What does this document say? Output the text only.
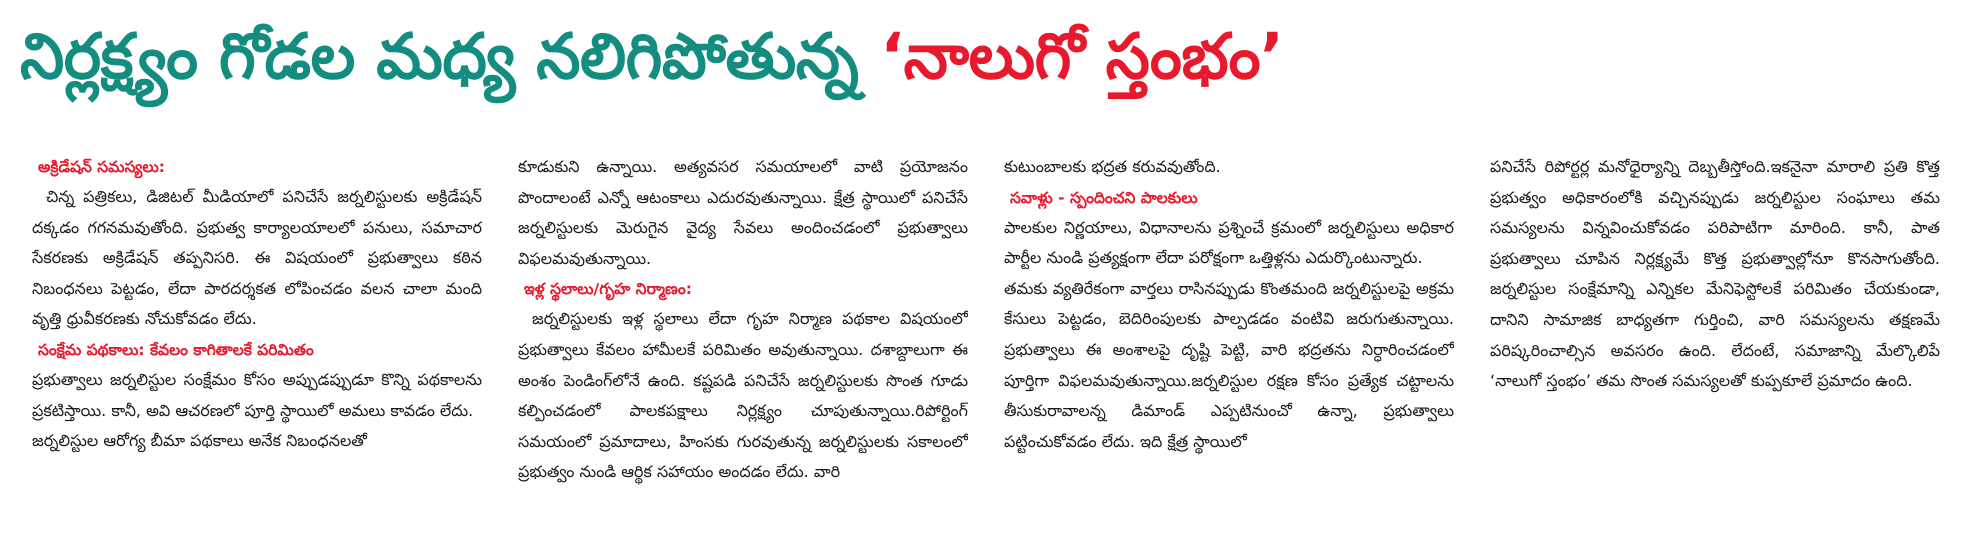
నిర్లక్ష్యం గోడల మధ్య నలిగిపోతున్న ‘నాలుగో స్తంభం’
అక్రిడేషన్ సమస్యలు:

చిన్న పత్రికలు, డిజిటల్ మీడియాలో పనిచేసే జర్నలిస్టులకు అక్రిడేషన్ దక్కడం గగనమవుతోంది. ప్రభుత్వ కార్యాలయాలలో పనులు, సమాచార సేకరణకు అక్రిడేషన్ తప్పనిసరి. ఈ విషయంలో ప్రభుత్వాలు కఠిన నిబంధనలు పెట్టడం, లేదా పారదర్శకత లోపించడం వలన చాలా మంది వృత్తి ధ్రువీకరణకు నోచుకోవడం లేదు.

సంక్షేమ పథకాలు: కేవలం కాగితాలకే పరిమితం

ప్రభుత్వాలు జర్నలిస్టుల సంక్షేమం కోసం అప్పుడప్పుడూ కొన్ని పథకాలను ప్రకటిస్తాయి. కానీ, అవి ఆచరణలో పూర్తి స్థాయిలో అమలు కావడం లేదు.

జర్నలిస్టుల ఆరోగ్య బీమా పథకాలు అనేక నిబంధనలతో

కూడుకుని ఉన్నాయి. అత్యవసర సమయాలలో వాటి ప్రయోజనం పొందాలంటే ఎన్నో ఆటంకాలు ఎదురవుతున్నాయి. క్షేత్ర స్థాయిలో పనిచేసే జర్నలిస్టులకు మెరుగైన వైద్య సేవలు అందించడంలో ప్రభుత్వాలు విఫలమవుతున్నాయి.

ఇళ్ల స్థలాలు/గృహ నిర్మాణం:

జర్నలిస్టులకు ఇళ్ల స్థలాలు లేదా గృహ నిర్మాణ పథకాల విషయంలో ప్రభుత్వాలు కేవలం హామీలకే పరిమితం అవుతున్నాయి. దశాబ్దాలుగా ఈ అంశం పెండింగ్‌లోనే ఉంది. కష్టపడి పనిచేసే జర్నలిస్టులకు సొంత గూడు కల్పించడంలో పాలకపక్షాలు నిర్లక్ష్యం చూపుతున్నాయి.రిపోర్టింగ్ సమయంలో ప్రమాదాలు, హింసకు గురవుతున్న జర్నలిస్టులకు సకాలంలో ప్రభుత్వం నుండి ఆర్థిక సహాయం అందడం లేదు. వారి

కుటుంబాలకు భద్రత కరువవుతోంది.

సవాళ్లు - స్పందించని పాలకులు

పాలకుల నిర్ణయాలు, విధానాలను ప్రశ్నించే క్రమంలో జర్నలిస్టులు అధికార పార్టీల నుండి ప్రత్యక్షంగా లేదా పరోక్షంగా ఒత్తిళ్లను ఎదుర్కొంటున్నారు.

తమకు వ్యతిరేకంగా వార్తలు రాసినప్పుడు కొంతమంది జర్నలిస్టులపై అక్రమ కేసులు పెట్టడం, బెదిరింపులకు పాల్పడడం వంటివి జరుగుతున్నాయి. ప్రభుత్వాలు ఈ అంశాలపై దృష్టి పెట్టి, వారి భద్రతను నిర్ధారించడంలో పూర్తిగా విఫలమవుతున్నాయి.జర్నలిస్టుల రక్షణ కోసం ప్రత్యేక చట్టాలను తీసుకురావాలన్న డిమాండ్ ఎప్పటినుంచో ఉన్నా, ప్రభుత్వాలు పట్టించుకోవడం లేదు. ఇది క్షేత్ర స్థాయిలో

పనిచేసే రిపోర్టర్ల మనోధైర్యాన్ని దెబ్బతీస్తోంది.ఇకనైనా మారాలి ప్రతి కొత్త ప్రభుత్వం అధికారంలోకి వచ్చినప్పుడు జర్నలిస్టుల సంఘాలు తమ సమస్యలను విన్నవించుకోవడం పరిపాటిగా మారింది. కానీ, పాత ప్రభుత్వాలు చూపిన నిర్లక్ష్యమే కొత్త ప్రభుత్వాల్లోనూ కొనసాగుతోంది. జర్నలిస్టుల సంక్షేమాన్ని ఎన్నికల మేనిఫెస్టోలకే పరిమితం చేయకుండా, దానిని సామాజిక బాధ్యతగా గుర్తించి, వారి సమస్యలను తక్షణమే పరిష్కరించాల్సిన అవసరం ఉంది. లేదంటే, సమాజాన్ని మేల్కొలిపే ‘నాలుగో స్తంభం’ తమ సొంత సమస్యలతో కుప్పకూలే ప్రమాదం ఉంది.
